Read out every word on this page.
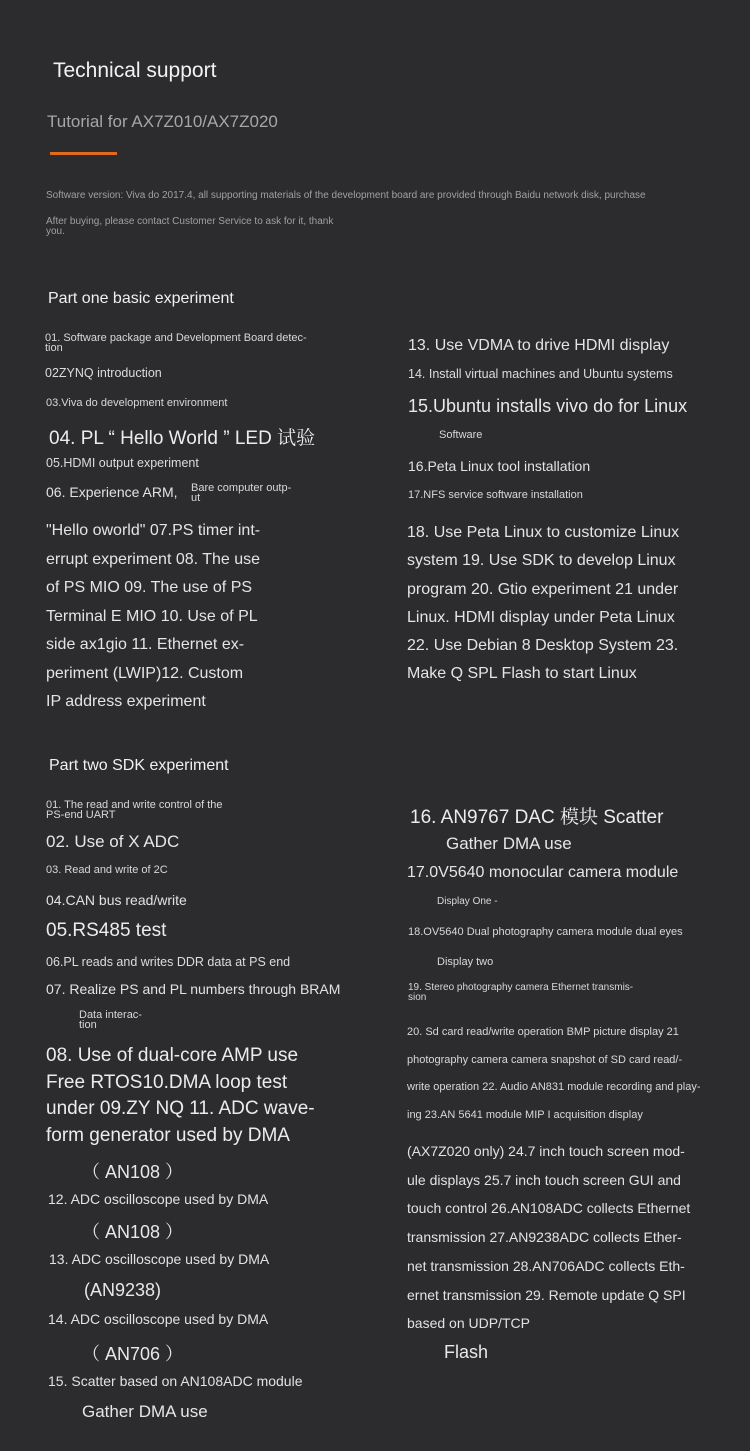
Technical support
Tutorial for AX7Z010/AX7Z020
Software version: Viva do 2017.4, all supporting materials of the development board are provided through Baidu network disk, purchase
After buying, please contact Customer Service to ask for it, thank
you.
Part one basic experiment
01. Software package and Development Board detec-
tion
02ZYNQ introduction
03.Viva do development environment
04. PL “ Hello World ” LED 试验
05.HDMI output experiment
06. Experience ARM, Bare computer outp-
ut
"Hello oworld" 07.PS timer int-
errupt experiment 08. The use
of PS MIO 09. The use of PS
Terminal E MIO 10. Use of PL
side ax1gio 11. Ethernet ex-
periment (LWIP)12. Custom
IP address experiment
13. Use VDMA to drive HDMI display
14. Install virtual machines and Ubuntu systems
15.Ubuntu installs vivo do for Linux
Software
16.Peta Linux tool installation
17.NFS service software installation
18. Use Peta Linux to customize Linux
system 19. Use SDK to develop Linux
program 20. Gtio experiment 21 under
Linux. HDMI display under Peta Linux
22. Use Debian 8 Desktop System 23.
Make Q SPL Flash to start Linux
Part two SDK experiment
01. The read and write control of the
PS-end UART
02. Use of X ADC
03. Read and write of 2C
04.CAN bus read/write
05.RS485 test
06.PL reads and writes DDR data at PS end
07. Realize PS and PL numbers through BRAM
Data interac-
tion
08. Use of dual-core AMP use
Free RTOS10.DMA loop test
under 09.ZY NQ 11. ADC wave-
form generator used by DMA
（ AN108 ）
12. ADC oscilloscope used by DMA
（ AN108 ）
13. ADC oscilloscope used by DMA
(AN9238)
14. ADC oscilloscope used by DMA
（ AN706 ）
15. Scatter based on AN108ADC module
Gather DMA use
16. AN9767 DAC 模块 Scatter
Gather DMA use
17.0V5640 monocular camera module
Display One -
18.OV5640 Dual photography camera module dual eyes
Display two
19. Stereo photography camera Ethernet transmis-
sion
20. Sd card read/write operation BMP picture display 21
photography camera camera snapshot of SD card read/-
write operation 22. Audio AN831 module recording and play-
ing 23.AN 5641 module MIP I acquisition display
(AX7Z020 only) 24.7 inch touch screen mod-
ule displays 25.7 inch touch screen GUI and
touch control 26.AN108ADC collects Ethernet
transmission 27.AN9238ADC collects Ether-
net transmission 28.AN706ADC collects Eth-
ernet transmission 29. Remote update Q SPI
based on UDP/TCP
Flash
